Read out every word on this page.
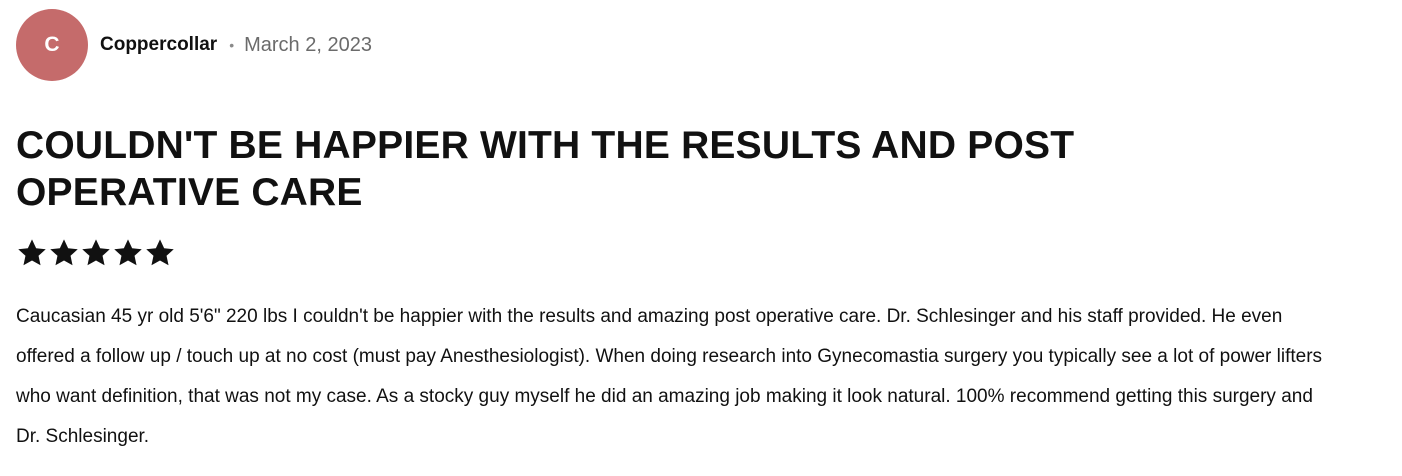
C Coppercollar • March 2, 2023
COULDN'T BE HAPPIER WITH THE RESULTS AND POST OPERATIVE CARE

Caucasian 45 yr old 5'6" 220 lbs I couldn't be happier with the results and amazing post operative care. Dr. Schlesinger and his staff provided. He even offered a follow up / touch up at no cost (must pay Anesthesiologist). When doing research into Gynecomastia surgery you typically see a lot of power lifters who want definition, that was not my case. As a stocky guy myself he did an amazing job making it look natural. 100% recommend getting this surgery and Dr. Schlesinger.
